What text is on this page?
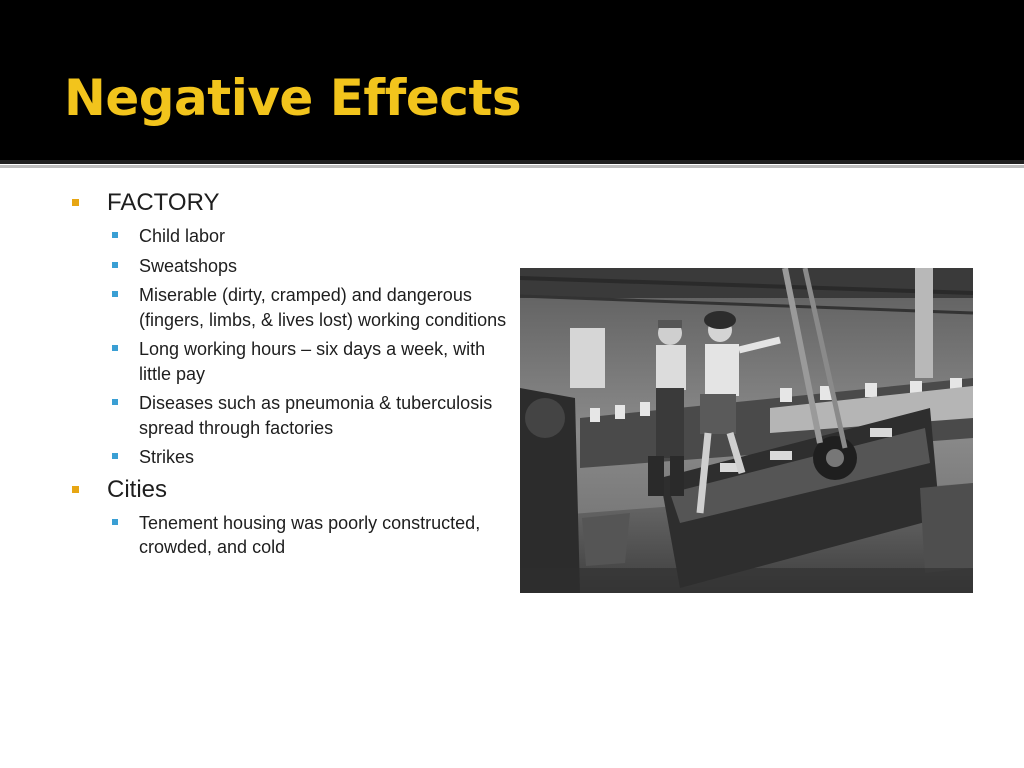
Negative Effects
FACTORY
Child labor
Sweatshops
Miserable (dirty, cramped) and dangerous (fingers, limbs, & lives lost) working conditions
Long working hours – six days a week, with little pay
Diseases such as pneumonia & tuberculosis spread through factories
Strikes
Cities
Tenement housing was poorly constructed, crowded, and cold
